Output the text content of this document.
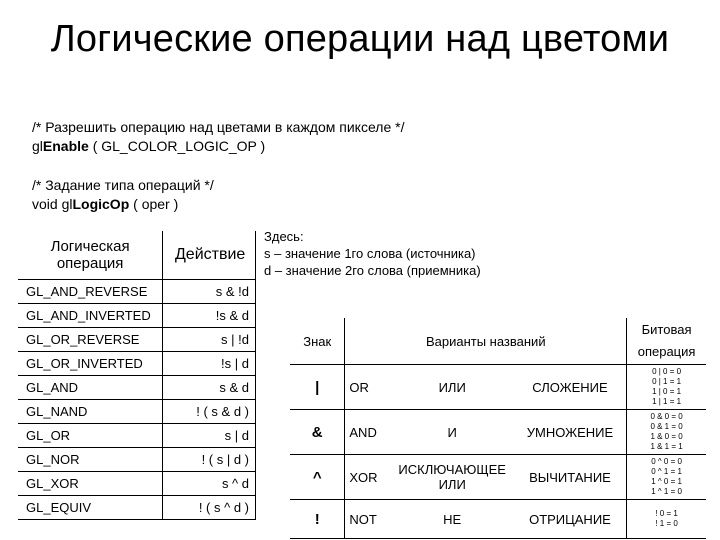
Логические операции над цветоми
/* Разрешить операцию над цветами в каждом пикселе */
glEnable ( GL_COLOR_LOGIC_OP )
/* Задание типа операций */
void glLogicOp ( oper )
Логическая
операция	Действие
GL_AND_REVERSE	s & !d
GL_AND_INVERTED	!s & d
GL_OR_REVERSE	s | !d
GL_OR_INVERTED	!s | d
GL_AND	s & d
GL_NAND	! ( s & d )
GL_OR	s | d
GL_NOR	! ( s | d )
GL_XOR	s ^ d
GL_EQUIV	! ( s ^ d )
Здесь:
s – значение 1го слова (источника)
d – значение 2го слова (приемника)
Знак	Варианты названий			Битовая
операция
|	OR	ИЛИ	СЛОЖЕНИЕ	0 | 0 = 0
0 | 1 = 1
1 | 0 = 1
1 | 1 = 1
&	AND	И	УМНОЖЕНИЕ	0 & 0 = 0
0 & 1 = 0
1 & 0 = 0
1 & 1 = 1
^	XOR	ИСКЛЮЧАЮЩЕЕ ИЛИ	ВЫЧИТАНИЕ	0 ^ 0 = 0
0 ^ 1 = 1
1 ^ 0 = 1
1 ^ 1 = 0
!	NOT	НЕ	ОТРИЦАНИЕ	! 0 = 1
! 1 = 0
